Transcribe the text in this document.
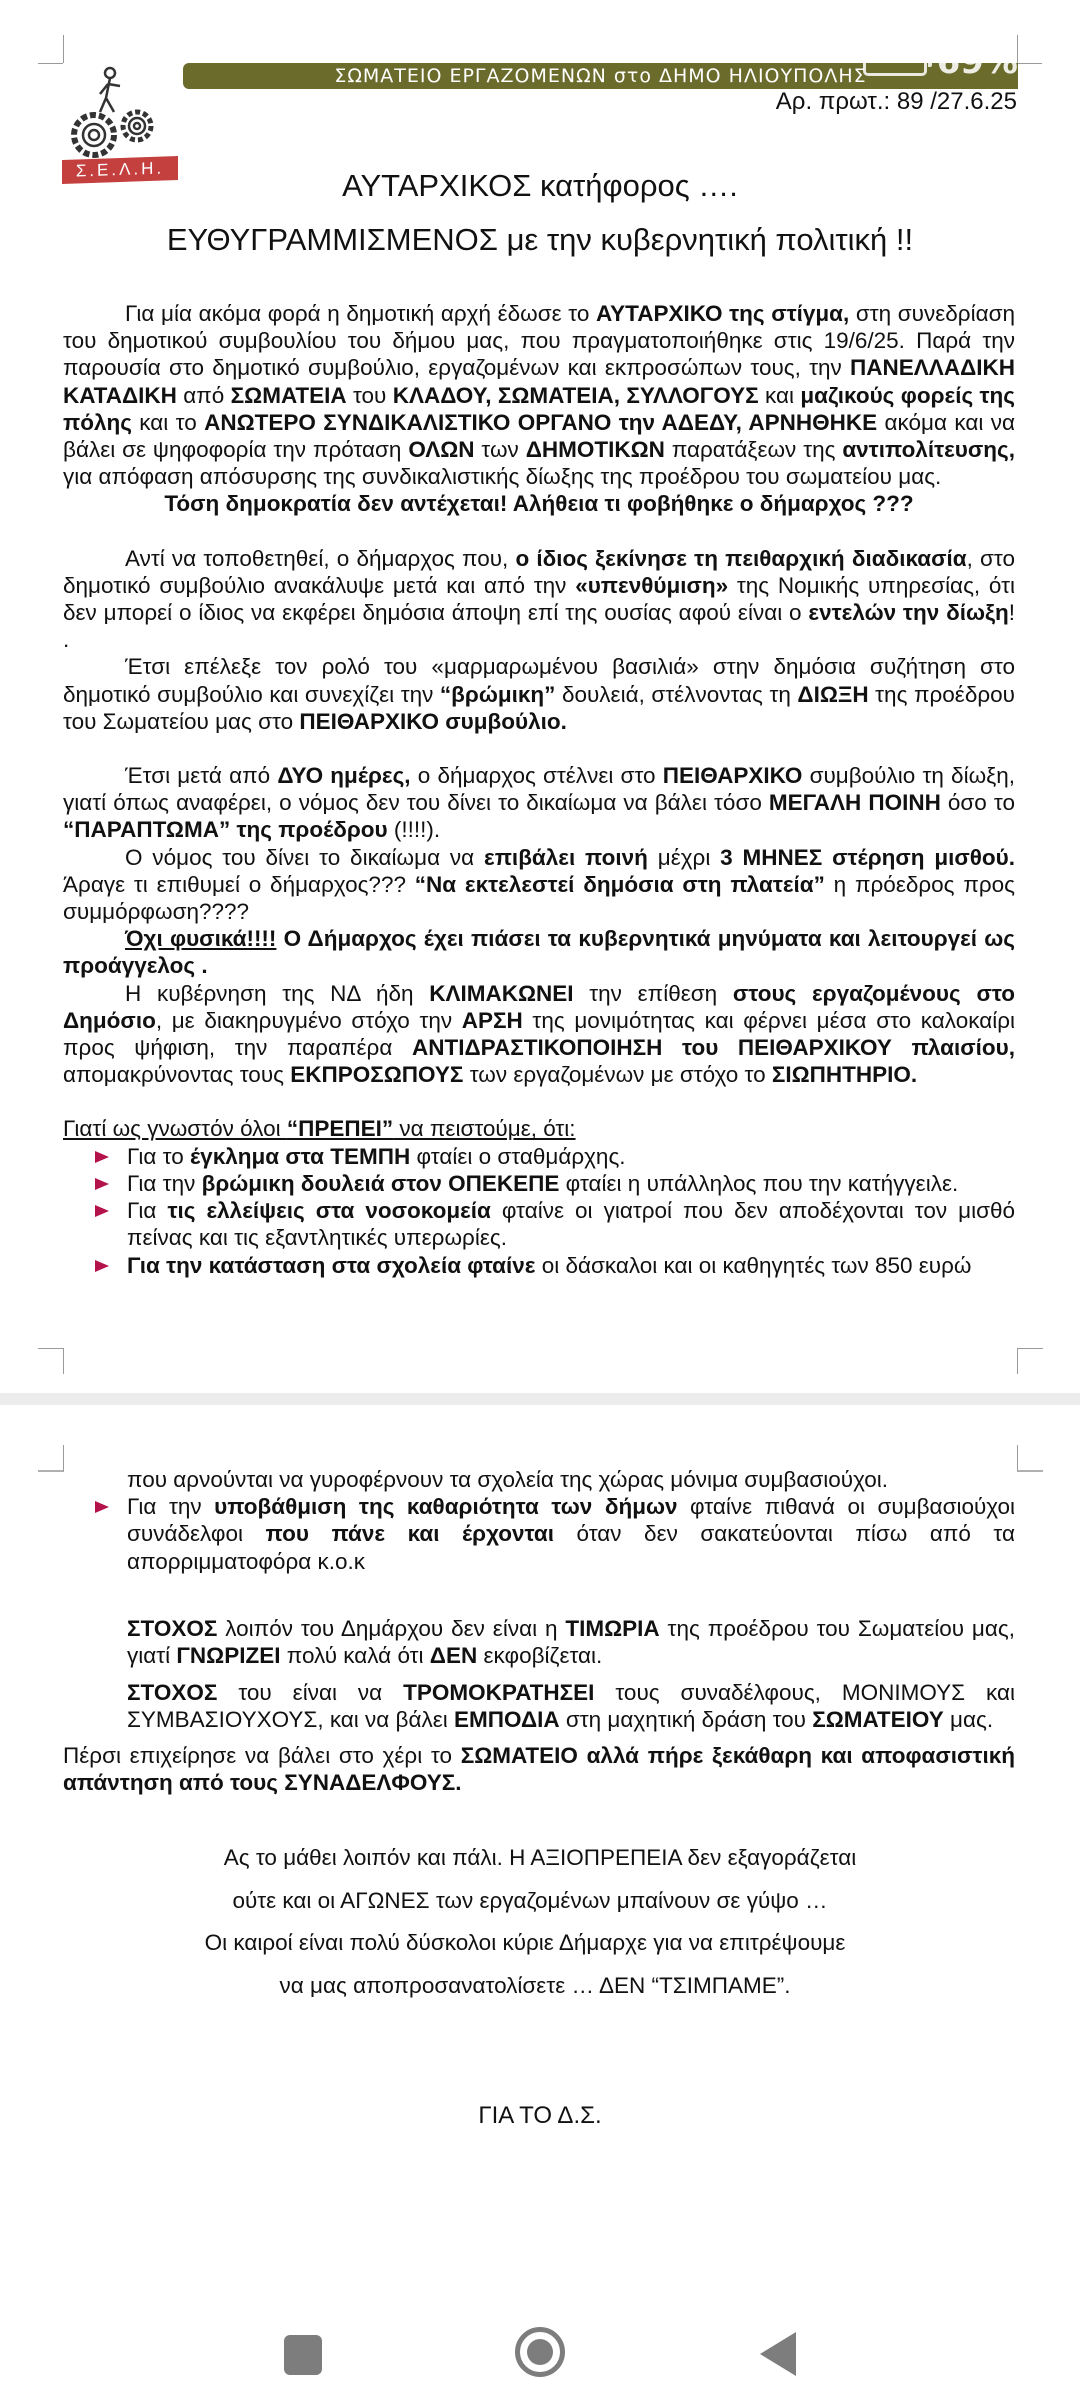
Σ.Ε.Λ.Η.
ΣΩΜΑΤΕΙΟ ΕΡΓΑΖΟΜΕΝΩΝ στο ΔΗΜΟ ΗΛΙΟΥΠΟΛΗΣ	69%
Αρ. πρωτ.: 89 /27.6.25
ΑΥΤΑΡΧΙΚΟΣ κατήφορος ….
ΕΥΘΥΓΡΑΜΜΙΣΜΕΝΟΣ με την κυβερνητική πολιτική !!

Για μία ακόμα φορά η δημοτική αρχή έδωσε το ΑΥΤΑΡΧΙΚΟ της στίγμα, στη συνεδρίαση του δημοτικού συμβουλίου του δήμου μας, που πραγματοποιήθηκε στις 19/6/25. Παρά την παρουσία στο δημοτικό συμβούλιο, εργαζομένων και εκπροσώπων τους, την ΠΑΝΕΛΛΑΔΙΚΗ ΚΑΤΑΔΙΚΗ από ΣΩΜΑΤΕΙΑ του ΚΛΑΔΟΥ, ΣΩΜΑΤΕΙΑ, ΣΥΛΛΟΓΟΥΣ και μαζικούς φορείς της πόλης και το ΑΝΩΤΕΡΟ ΣΥΝΔΙΚΑΛΙΣΤΙΚΟ ΟΡΓΑΝΟ την ΑΔΕΔΥ, ΑΡΝΗΘΗΚΕ ακόμα και να βάλει σε ψηφοφορία την πρόταση ΟΛΩΝ των ΔΗΜΟΤΙΚΩΝ παρατάξεων της αντιπολίτευσης, για απόφαση απόσυρσης της συνδικαλιστικής δίωξης της προέδρου του σωματείου μας.

Τόση δημοκρατία δεν αντέχεται! Αλήθεια τι φοβήθηκε ο δήμαρχος ???

Αντί να τοποθετηθεί, ο δήμαρχος που, ο ίδιος ξεκίνησε τη πειθαρχική διαδικασία, στο δημοτικό συμβούλιο ανακάλυψε μετά και από την «υπενθύμιση» της Νομικής υπηρεσίας, ότι δεν μπορεί ο ίδιος να εκφέρει δημόσια άποψη επί της ουσίας αφού είναι ο εντελών την δίωξη! .

Έτσι επέλεξε τον ρολό του «μαρμαρωμένου βασιλιά» στην δημόσια συζήτηση στο δημοτικό συμβούλιο και συνεχίζει την “βρώμικη” δουλειά, στέλνοντας τη ΔΙΩΞΗ της προέδρου του Σωματείου μας στο ΠΕΙΘΑΡΧΙΚΟ συμβούλιο.

Έτσι μετά από ΔΥΟ ημέρες, ο δήμαρχος στέλνει στο ΠΕΙΘΑΡΧΙΚΟ συμβούλιο τη δίωξη, γιατί όπως αναφέρει, ο νόμος δεν του δίνει το δικαίωμα να βάλει τόσο ΜΕΓΑΛΗ ΠΟΙΝΗ όσο το “ΠΑΡΑΠΤΩΜΑ” της προέδρου (!!!!).

Ο νόμος του δίνει το δικαίωμα να επιβάλει ποινή μέχρι 3 ΜΗΝΕΣ στέρηση μισθού. Άραγε τι επιθυμεί ο δήμαρχος??? “Να εκτελεστεί δημόσια στη πλατεία” η πρόεδρος προς συμμόρφωση????

Όχι φυσικά!!!! Ο Δήμαρχος έχει πιάσει τα κυβερνητικά μηνύματα και λειτουργεί ως προάγγελος .

Η κυβέρνηση της ΝΔ ήδη ΚΛΙΜΑΚΩΝΕΙ την επίθεση στους εργαζομένους στο Δημόσιο, με διακηρυγμένο στόχο την ΑΡΣΗ της μονιμότητας και φέρνει μέσα στο καλοκαίρι προς ψήφιση, την παραπέρα ΑΝΤΙΔΡΑΣΤΙΚΟΠΟΙΗΣΗ του ΠΕΙΘΑΡΧΙΚΟΥ πλαισίου, απομακρύνοντας τους ΕΚΠΡΟΣΩΠΟΥΣ των εργαζομένων με στόχο το ΣΙΩΠΗΤΗΡΙΟ.

Γιατί ως γνωστόν όλοι “ΠΡΕΠΕΙ” να πειστούμε, ότι:

Για το έγκλημα στα ΤΕΜΠΗ φταίει ο σταθμάρχης.
Για την βρώμικη δουλειά στον ΟΠΕΚΕΠΕ φταίει η υπάλληλος που την κατήγγειλε.
Για τις ελλείψεις στα νοσοκομεία φταίνε οι γιατροί που δεν αποδέχονται τον μισθό πείνας και τις εξαντλητικές υπερωρίες.
Για την κατάσταση στα σχολεία φταίνε οι δάσκαλοι και οι καθηγητές των 850 ευρώ
που αρνούνται να γυροφέρνουν τα σχολεία της χώρας μόνιμα συμβασιούχοι.
Για την υποβάθμιση της καθαριότητα των δήμων φταίνε πιθανά οι συμβασιούχοι συνάδελφοι που πάνε και έρχονται όταν δεν σακατεύονται πίσω από τα απορριμματοφόρα κ.ο.κ

ΣΤΟΧΟΣ λοιπόν του Δημάρχου δεν είναι η ΤΙΜΩΡΙΑ της προέδρου του Σωματείου μας, γιατί ΓΝΩΡΙΖΕΙ πολύ καλά ότι ΔΕΝ εκφοβίζεται.

ΣΤΟΧΟΣ του είναι να ΤΡΟΜΟΚΡΑΤΗΣΕΙ τους συναδέλφους, ΜΟΝΙΜΟΥΣ και ΣΥΜΒΑΣΙΟΥΧΟΥΣ, και να βάλει ΕΜΠΟΔΙΑ στη μαχητική δράση του ΣΩΜΑΤΕΙΟΥ μας.

Πέρσι επιχείρησε να βάλει στο χέρι το ΣΩΜΑΤΕΙΟ αλλά πήρε ξεκάθαρη και αποφασιστική απάντηση από τους ΣΥΝΑΔΕΛΦΟΥΣ.

Ας το μάθει λοιπόν και πάλι. Η ΑΞΙΟΠΡΕΠΕΙΑ δεν εξαγοράζεται
ούτε και οι ΑΓΩΝΕΣ των εργαζομένων μπαίνουν σε γύψο …
Οι καιροί είναι πολύ δύσκολοι κύριε Δήμαρχε για να επιτρέψουμε
να μας αποπροσανατολίσετε … ΔΕΝ “ΤΣΙΜΠΑΜΕ”.
ΓΙΑ ΤΟ Δ.Σ.
